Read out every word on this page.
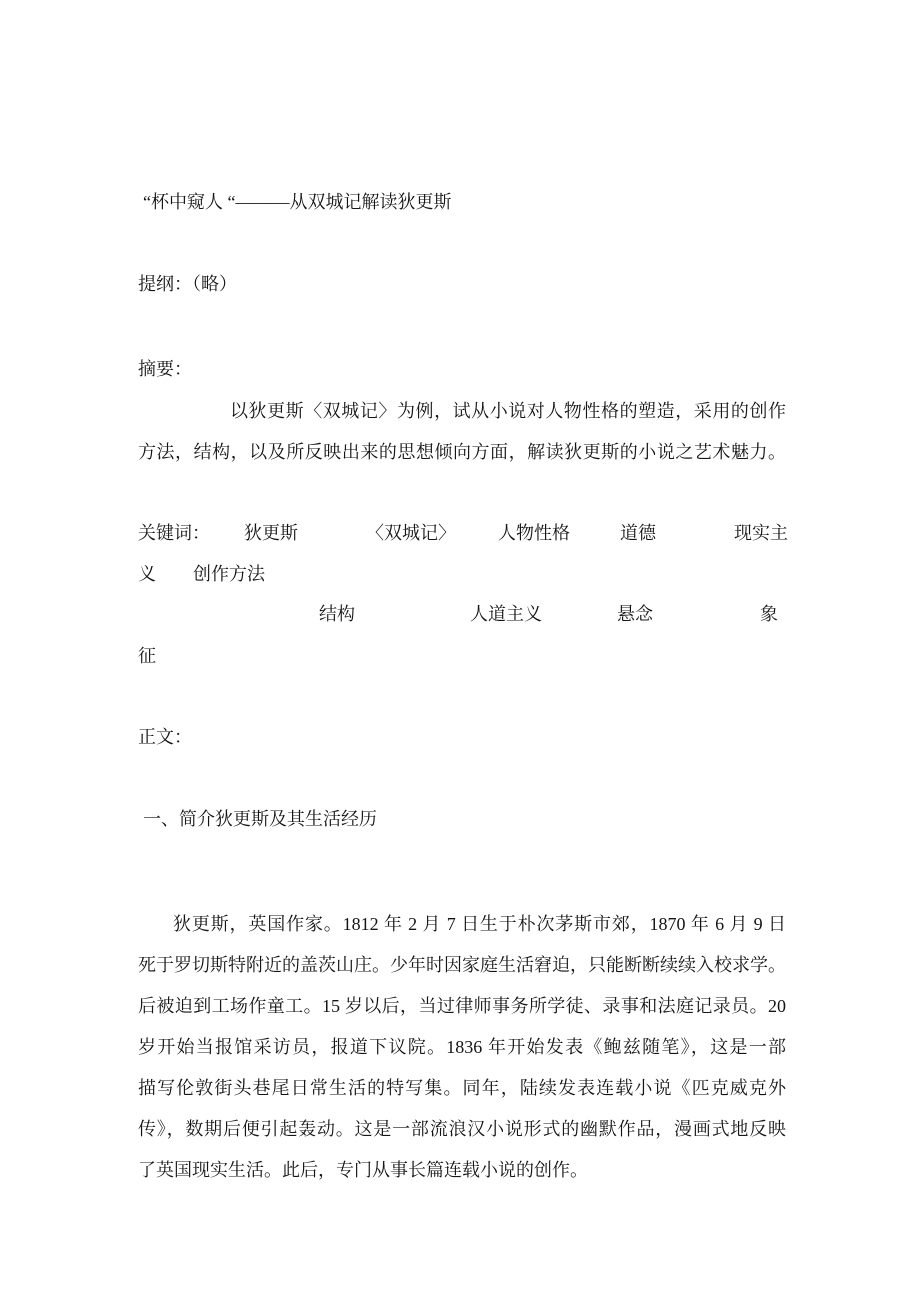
“杯中窥人 “———从双城记解读狄更斯
提纲：（略）
摘要：
以狄更斯〈双城记〉为例，试从小说对人物性格的塑造，采用的创作
方法，结构，以及所反映出来的思想倾向方面，解读狄更斯的小说之艺术魅力。
关键词： 狄更斯	〈双城记〉 人物性格	道德	现实主
义 创作方法
结构	人道主义	悬念	象
征
正文：
一、简介狄更斯及其生活经历
狄更斯，英国作家。1812 年 2 月 7 日生于朴次茅斯市郊，1870 年 6 月 9 日
死于罗切斯特附近的盖茨山庄。少年时因家庭生活窘迫，只能断断续续入校求学。
后被迫到工场作童工。15 岁以后，当过律师事务所学徒、录事和法庭记录员。20
岁开始当报馆采访员，报道下议院。1836 年开始发表《鲍兹随笔》，这是一部
描写伦敦街头巷尾日常生活的特写集。同年，陆续发表连载小说《匹克威克外
传》，数期后便引起轰动。这是一部流浪汉小说形式的幽默作品，漫画式地反映
了英国现实生活。此后，专门从事长篇连载小说的创作。
